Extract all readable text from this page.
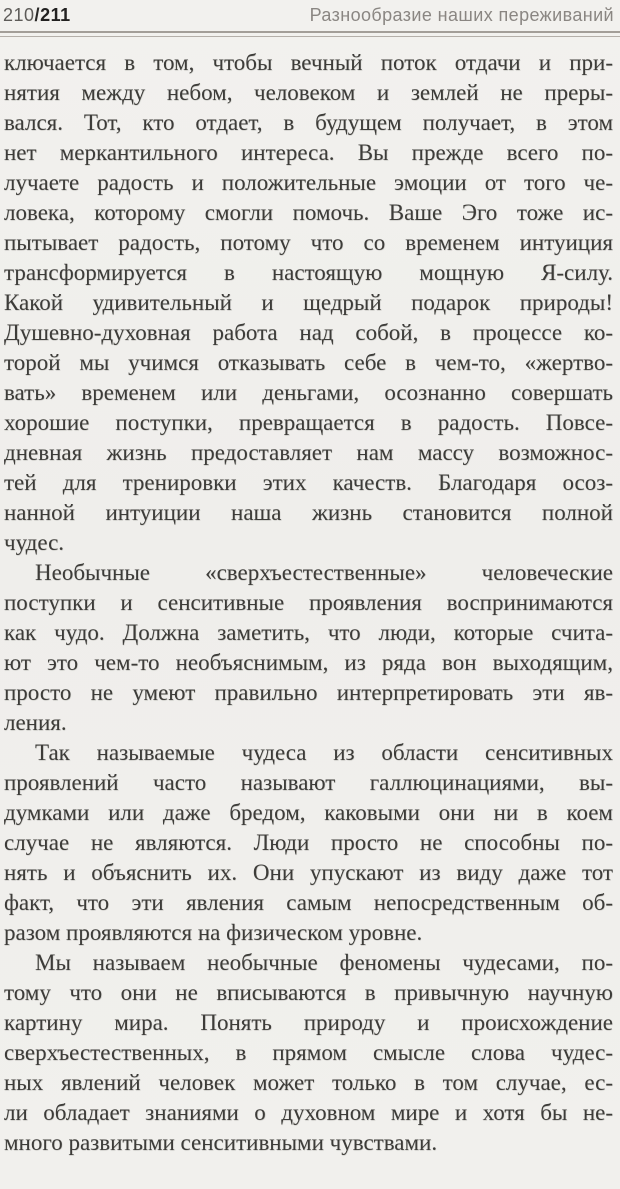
210/211	Разнообразие наших переживаний
ключается в том, чтобы вечный поток отдачи и при-
нятия между небом, человеком и землей не преры-
вался. Тот, кто отдает, в будущем получает, в этом
нет меркантильного интереса. Вы прежде всего по-
лучаете радость и положительные эмоции от того че-
ловека, которому смогли помочь. Ваше Эго тоже ис-
пытывает радость, потому что со временем интуиция
трансформируется в настоящую мощную Я-силу.
Какой удивительный и щедрый подарок природы!
Душевно-духовная работа над собой, в процессе ко-
торой мы учимся отказывать себе в чем-то, «жертво-
вать» временем или деньгами, осознанно совершать
хорошие поступки, превращается в радость. Повсе-
дневная жизнь предоставляет нам массу возможнос-
тей для тренировки этих качеств. Благодаря осоз-
нанной интуиции наша жизнь становится полной
чудес.
Необычные «сверхъестественные» человеческие
поступки и сенситивные проявления воспринимаются
как чудо. Должна заметить, что люди, которые счита-
ют это чем-то необъяснимым, из ряда вон выходящим,
просто не умеют правильно интерпретировать эти яв-
ления.
Так называемые чудеса из области сенситивных
проявлений часто называют галлюцинациями, вы-
думками или даже бредом, каковыми они ни в коем
случае не являются. Люди просто не способны по-
нять и объяснить их. Они упускают из виду даже тот
факт, что эти явления самым непосредственным об-
разом проявляются на физическом уровне.
Мы называем необычные феномены чудесами, по-
тому что они не вписываются в привычную научную
картину мира. Понять природу и происхождение
сверхъестественных, в прямом смысле слова чудес-
ных явлений человек может только в том случае, ес-
ли обладает знаниями о духовном мире и хотя бы не-
много развитыми сенситивными чувствами.
